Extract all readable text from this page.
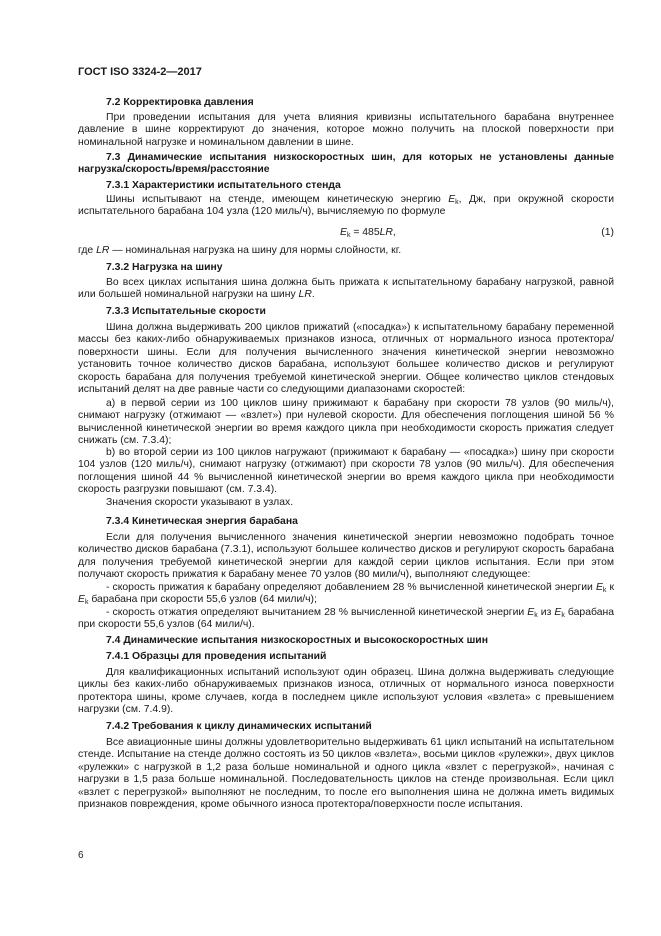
ГОСТ ISO 3324-2—2017
7.2 Корректировка давления
При проведении испытания для учета влияния кривизны испытательного барабана внутреннее давление в шине корректируют до значения, которое можно получить на плоской поверхности при номинальной нагрузке и номинальном давлении в шине.
7.3 Динамические испытания низкоскоростных шин, для которых не установлены данные нагрузка/скорость/время/расстояние
7.3.1 Характеристики испытательного стенда
Шины испытывают на стенде, имеющем кинетическую энергию $E_k$, Дж, при окружной скорости испытательного барабана 104 узла (120 миль/ч), вычисляемую по формуле
$E_k = 485LR$,	(1)
где LR — номинальная нагрузка на шину для нормы слойности, кг.
7.3.2 Нагрузка на шину
Во всех циклах испытания шина должна быть прижата к испытательному барабану нагрузкой, равной или большей номинальной нагрузки на шину LR.
7.3.3 Испытательные скорости
Шина должна выдерживать 200 циклов прижатий («посадка») к испытательному барабану переменной массы без каких-либо обнаруживаемых признаков износа, отличных от нормального износа протектора/поверхности шины. Если для получения вычисленного значения кинетической энергии невозможно установить точное количество дисков барабана, используют большее количество дисков и регулируют скорость барабана для получения требуемой кинетической энергии. Общее количество циклов стендовых испытаний делят на две равные части со следующими диапазонами скоростей:
a) в первой серии из 100 циклов шину прижимают к барабану при скорости 78 узлов (90 миль/ч), снимают нагрузку (отжимают — «взлет») при нулевой скорости. Для обеспечения поглощения шиной 56 % вычисленной кинетической энергии во время каждого цикла при необходимости скорость прижатия следует снижать (см. 7.3.4);
b) во второй серии из 100 циклов нагружают (прижимают к барабану — «посадка») шину при скорости 104 узлов (120 миль/ч), снимают нагрузку (отжимают) при скорости 78 узлов (90 миль/ч). Для обеспечения поглощения шиной 44 % вычисленной кинетической энергии во время каждого цикла при необходимости скорость разгрузки повышают (см. 7.3.4).
Значения скорости указывают в узлах.
7.3.4 Кинетическая энергия барабана
Если для получения вычисленного значения кинетической энергии невозможно подобрать точное количество дисков барабана (7.3.1), используют большее количество дисков и регулируют скорость барабана для получения требуемой кинетической энергии для каждой серии циклов испытания. Если при этом получают скорость прижатия к барабану менее 70 узлов (80 мили/ч), выполняют следующее:
- скорость прижатия к барабану определяют добавлением 28 % вычисленной кинетической энергии $E_k$ к $E_k$ барабана при скорости 55,6 узлов (64 мили/ч);
- скорость отжатия определяют вычитанием 28 % вычисленной кинетической энергии $E_k$ из $E_k$ барабана при скорости 55,6 узлов (64 мили/ч).
7.4 Динамические испытания низкоскоростных и высокоскоростных шин
7.4.1 Образцы для проведения испытаний
Для квалификационных испытаний используют один образец. Шина должна выдерживать следующие циклы без каких-либо обнаруживаемых признаков износа, отличных от нормального износа поверхности протектора шины, кроме случаев, когда в последнем цикле используют условия «взлета» с превышением нагрузки (см. 7.4.9).
7.4.2 Требования к циклу динамических испытаний
Все авиационные шины должны удовлетворительно выдерживать 61 цикл испытаний на испытательном стенде. Испытание на стенде должно состоять из 50 циклов «взлета», восьми циклов «рулежки», двух циклов «рулежки» с нагрузкой в 1,2 раза больше номинальной и одного цикла «взлет с перегрузкой», начиная с нагрузки в 1,5 раза больше номинальной. Последовательность циклов на стенде произвольная. Если цикл «взлет с перегрузкой» выполняют не последним, то после его выполнения шина не должна иметь видимых признаков повреждения, кроме обычного износа протектора/поверхности после испытания.
6
